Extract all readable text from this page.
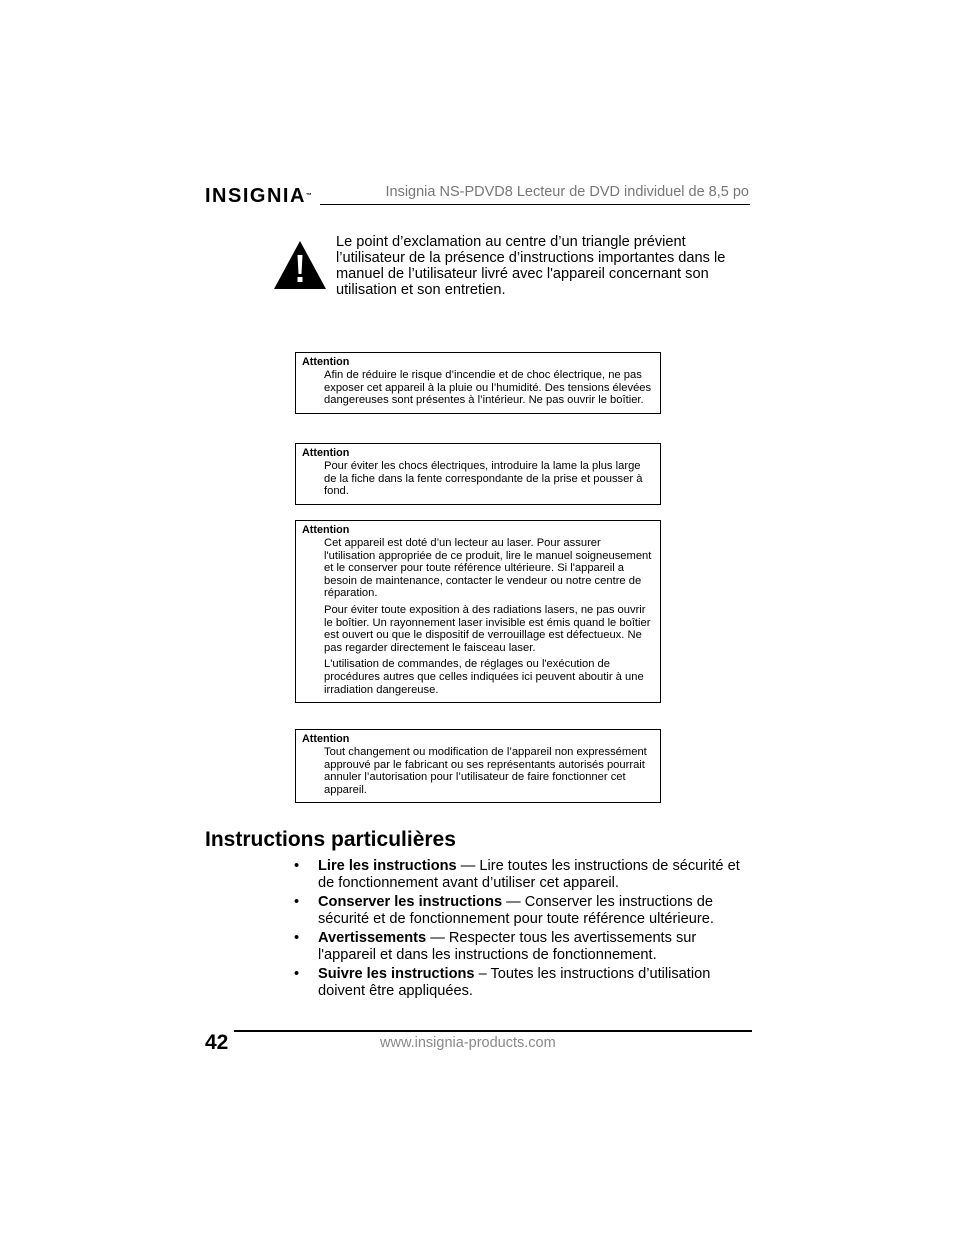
INSIGNIA™	Insignia NS-PDVD8 Lecteur de DVD individuel de 8,5 po
Le point d’exclamation au centre d’un triangle prévient l’utilisateur de la présence d’instructions importantes dans le manuel de l’utilisateur livré avec l'appareil concernant son utilisation et son entretien.
Attention

Afin de réduire le risque d’incendie et de choc électrique, ne pas exposer cet appareil à la pluie ou l’humidité. Des tensions élevées dangereuses sont présentes à l’intérieur. Ne pas ouvrir le boîtier.

Attention

Pour éviter les chocs électriques, introduire la lame la plus large de la fiche dans la fente correspondante de la prise et pousser à fond.

Attention

Cet appareil est doté d’un lecteur au laser. Pour assurer l'utilisation appropriée de ce produit, lire le manuel soigneusement et le conserver pour toute référence ultérieure. Si l'appareil a besoin de maintenance, contacter le vendeur ou notre centre de réparation.

Pour éviter toute exposition à des radiations lasers, ne pas ouvrir le boîtier. Un rayonnement laser invisible est émis quand le boîtier est ouvert ou que le dispositif de verrouillage est défectueux. Ne pas regarder directement le faisceau laser.

L'utilisation de commandes, de réglages ou l'exécution de procédures autres que celles indiquées ici peuvent aboutir à une irradiation dangereuse.

Attention

Tout changement ou modification de l’appareil non expressément approuvé par le fabricant ou ses représentants autorisés pourrait annuler l’autorisation pour l’utilisateur de faire fonctionner cet appareil.

Instructions particulières
• Lire les instructions — Lire toutes les instructions de sécurité et de fonctionnement avant d’utiliser cet appareil.
• Conserver les instructions — Conserver les instructions de sécurité et de fonctionnement pour toute référence ultérieure.
• Avertissements — Respecter tous les avertissements sur l'appareil et dans les instructions de fonctionnement.
• Suivre les instructions – Toutes les instructions d’utilisation doivent être appliquées.
42	www.insignia-products.com
